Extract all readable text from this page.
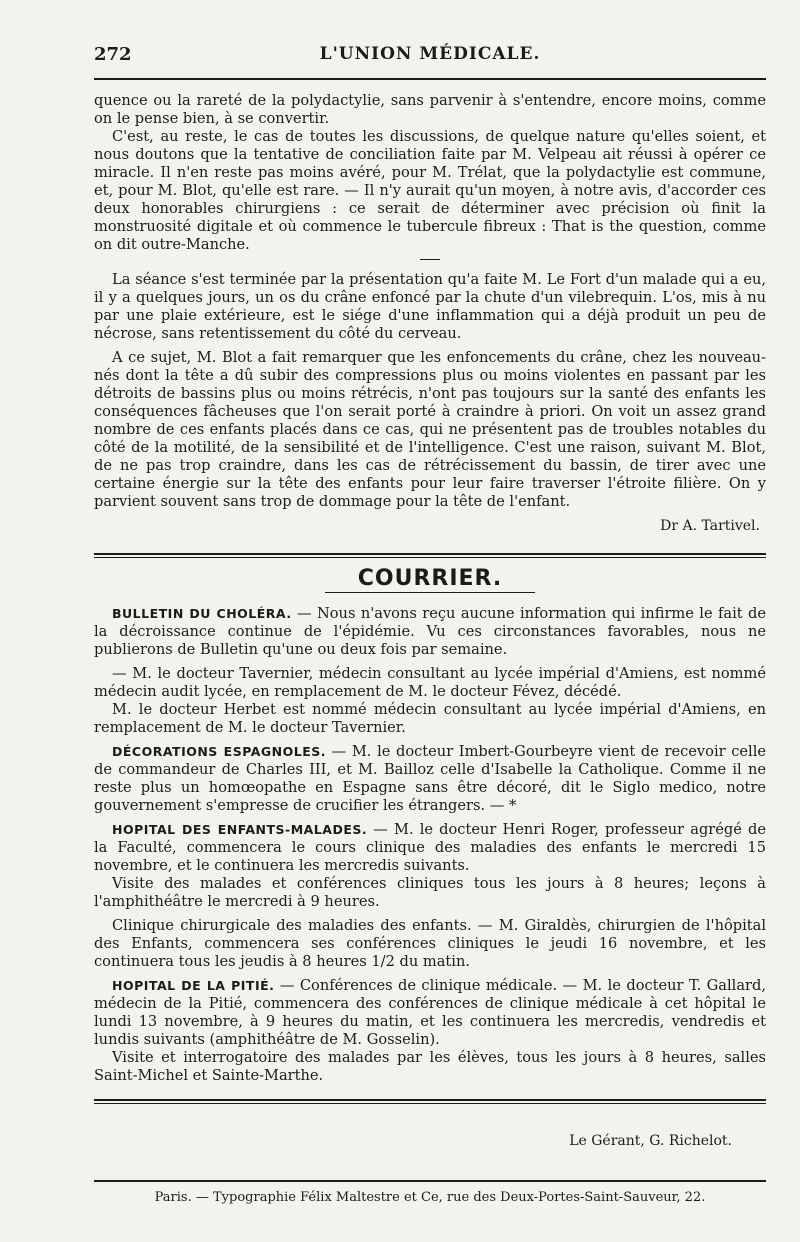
272	L'UNION MÉDICALE.

quence ou la rareté de la polydactylie, sans parvenir à s'entendre, encore moins, comme on le pense bien, à se convertir.

C'est, au reste, le cas de toutes les discussions, de quelque nature qu'elles soient, et nous doutons que la tentative de conciliation faite par M. Velpeau ait réussi à opérer ce miracle. Il n'en reste pas moins avéré, pour M. Trélat, que la polydactylie est commune, et, pour M. Blot, qu'elle est rare. — Il n'y aurait qu'un moyen, à notre avis, d'accorder ces deux honorables chirurgiens : ce serait de déterminer avec précision où finit la monstruosité digitale et où commence le tubercule fibreux : That is the question, comme on dit outre-Manche.

La séance s'est terminée par la présentation qu'a faite M. Le Fort d'un malade qui a eu, il y a quelques jours, un os du crâne enfoncé par la chute d'un vilebrequin. L'os, mis à nu par une plaie extérieure, est le siége d'une inflammation qui a déjà produit un peu de nécrose, sans retentissement du côté du cerveau.

A ce sujet, M. Blot a fait remarquer que les enfoncements du crâne, chez les nouveau-nés dont la tête a dû subir des compressions plus ou moins violentes en passant par les détroits de bassins plus ou moins rétrécis, n'ont pas toujours sur la santé des enfants les conséquences fâcheuses que l'on serait porté à craindre à priori. On voit un assez grand nombre de ces enfants placés dans ce cas, qui ne présentent pas de troubles notables du côté de la motilité, de la sensibilité et de l'intelligence. C'est une raison, suivant M. Blot, de ne pas trop craindre, dans les cas de rétrécissement du bassin, de tirer avec une certaine énergie sur la tête des enfants pour leur faire traverser l'étroite filière. On y parvient souvent sans trop de dommage pour la tête de l'enfant.

Dr A. Tartivel.
COURRIER.

BULLETIN DU CHOLÉRA. — Nous n'avons reçu aucune information qui infirme le fait de la décroissance continue de l'épidémie. Vu ces circonstances favorables, nous ne publierons de Bulletin qu'une ou deux fois par semaine.

— M. le docteur Tavernier, médecin consultant au lycée impérial d'Amiens, est nommé médecin audit lycée, en remplacement de M. le docteur Févez, décédé.

M. le docteur Herbet est nommé médecin consultant au lycée impérial d'Amiens, en remplacement de M. le docteur Tavernier.

DÉCORATIONS ESPAGNOLES. — M. le docteur Imbert-Gourbeyre vient de recevoir celle de commandeur de Charles III, et M. Bailloz celle d'Isabelle la Catholique. Comme il ne reste plus un homœopathe en Espagne sans être décoré, dit le Siglo medico, notre gouvernement s'empresse de crucifier les étrangers. — *

HOPITAL DES ENFANTS-MALADES. — M. le docteur Henri Roger, professeur agrégé de la Faculté, commencera le cours clinique des maladies des enfants le mercredi 15 novembre, et le continuera les mercredis suivants.

Visite des malades et conférences cliniques tous les jours à 8 heures; leçons à l'amphithéâtre le mercredi à 9 heures.

Clinique chirurgicale des maladies des enfants. — M. Giraldès, chirurgien de l'hôpital des Enfants, commencera ses conférences cliniques le jeudi 16 novembre, et les continuera tous les jeudis à 8 heures 1/2 du matin.

HOPITAL DE LA PITIÉ. — Conférences de clinique médicale. — M. le docteur T. Gallard, médecin de la Pitié, commencera des conférences de clinique médicale à cet hôpital le lundi 13 novembre, à 9 heures du matin, et les continuera les mercredis, vendredis et lundis suivants (amphithéâtre de M. Gosselin).

Visite et interrogatoire des malades par les élèves, tous les jours à 8 heures, salles Saint-Michel et Sainte-Marthe.

Le Gérant, G. Richelot.
Paris. — Typographie Félix Maltestre et Ce, rue des Deux-Portes-Saint-Sauveur, 22.
